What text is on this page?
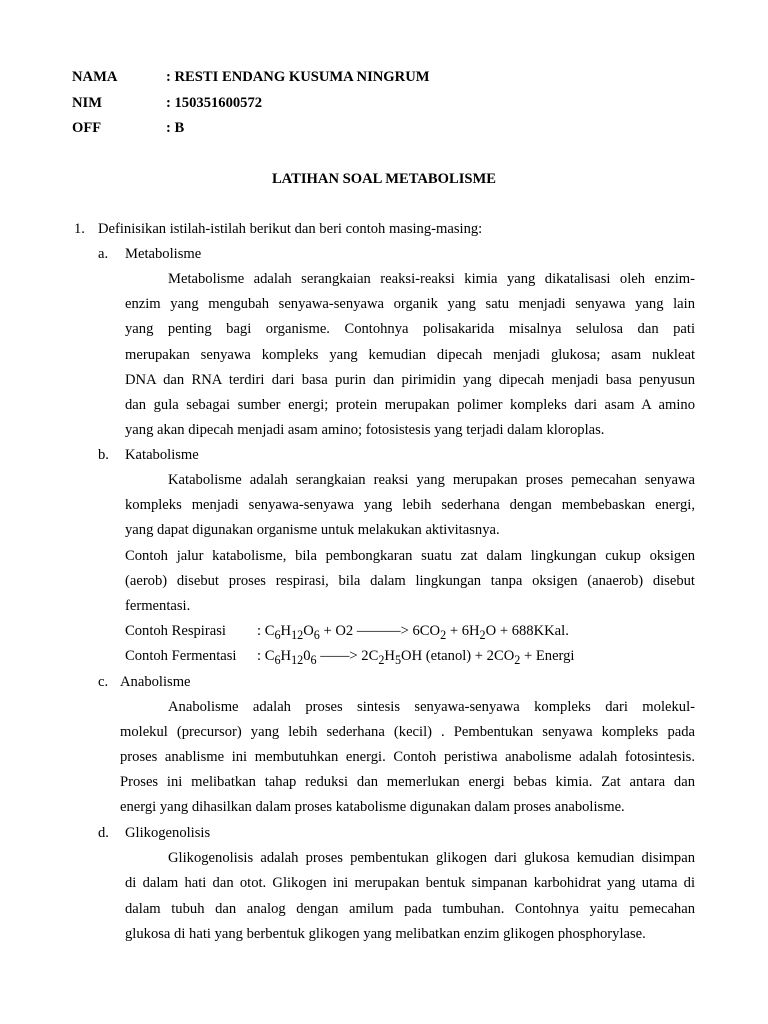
NAMA	: RESTI ENDANG KUSUMA NINGRUM
NIM	: 150351600572
OFF	: B
LATIHAN SOAL METABOLISME
1. Definisikan istilah-istilah berikut dan beri contoh masing-masing:
a. Metabolisme
Metabolisme adalah serangkaian reaksi-reaksi kimia yang dikatalisasi oleh enzim-
enzim yang mengubah senyawa-senyawa organik yang satu menjadi senyawa yang lain
yang penting bagi organisme. Contohnya polisakarida misalnya selulosa dan pati
merupakan senyawa kompleks yang kemudian dipecah menjadi glukosa; asam nukleat
DNA dan RNA terdiri dari basa purin dan pirimidin yang dipecah menjadi basa penyusun
dan gula sebagai sumber energi; protein merupakan polimer kompleks dari asam A amino
yang akan dipecah menjadi asam amino; fotosistesis yang terjadi dalam kloroplas.
b. Katabolisme
Katabolisme adalah serangkaian reaksi yang merupakan proses pemecahan senyawa
kompleks menjadi senyawa-senyawa yang lebih sederhana dengan membebaskan energi,
yang dapat digunakan organisme untuk melakukan aktivitasnya.
Contoh jalur katabolisme, bila pembongkaran suatu zat dalam lingkungan cukup oksigen
(aerob) disebut proses respirasi, bila dalam lingkungan tanpa oksigen (anaerob) disebut
fermentasi.
Contoh Respirasi : $C_6H_{12}O_6 + O2$ ———> $6CO_2 + 6H_2O$ + 688KKal.
Contoh Fermentasi : $C_6H_{12}0_6$ ——> $2C_2H_5OH$ (etanol) + $2CO_2$ + Energi
c. Anabolisme
Anabolisme adalah proses sintesis senyawa-senyawa kompleks dari molekul-
molekul (precursor) yang lebih sederhana (kecil) . Pembentukan senyawa kompleks pada
proses anablisme ini membutuhkan energi. Contoh peristiwa anabolisme adalah fotosintesis.
Proses ini melibatkan tahap reduksi dan memerlukan energi bebas kimia. Zat antara dan
energi yang dihasilkan dalam proses katabolisme digunakan dalam proses anabolisme.
d. Glikogenolisis
Glikogenolisis adalah proses pembentukan glikogen dari glukosa kemudian disimpan
di dalam hati dan otot. Glikogen ini merupakan bentuk simpanan karbohidrat yang utama di
dalam tubuh dan analog dengan amilum pada tumbuhan. Contohnya yaitu pemecahan
glukosa di hati yang berbentuk glikogen yang melibatkan enzim glikogen phosphorylase.
